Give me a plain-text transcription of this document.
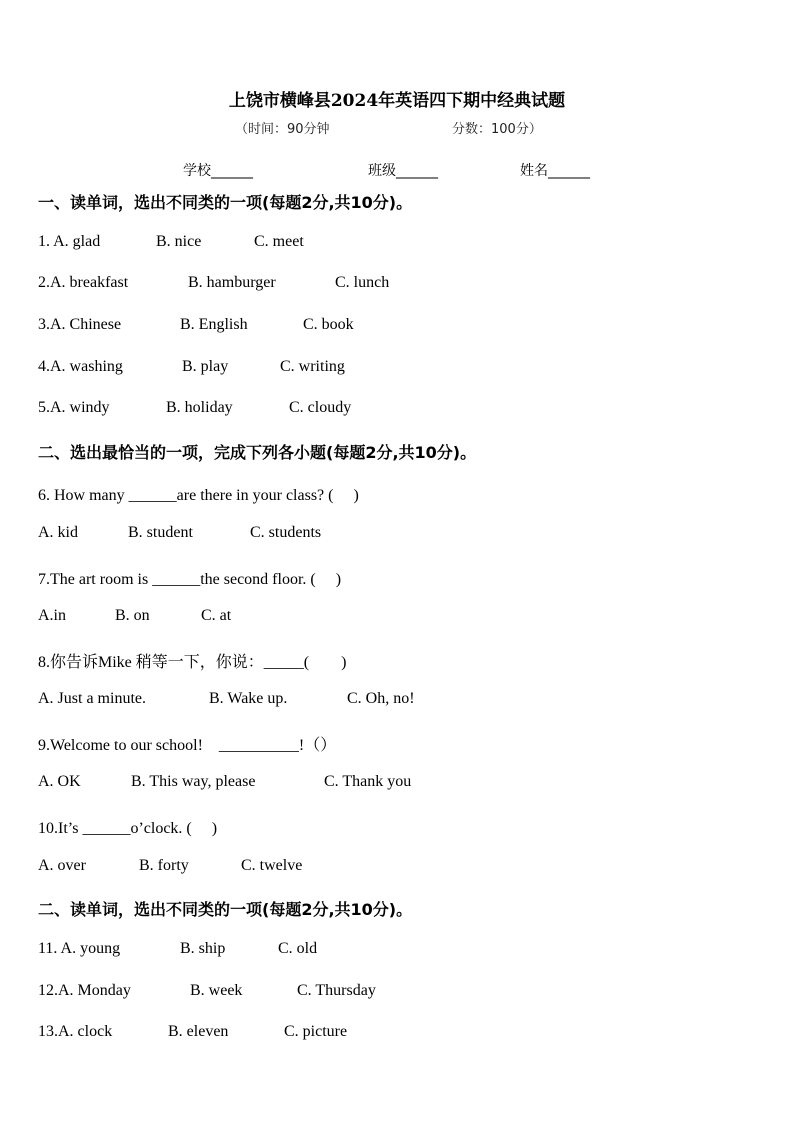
上饶市横峰县2024年英语四下期中经典试题
（时间：90分钟	分数：100分）
学校______	班级______	姓名______
一、读单词，选出不同类的一项(每题2分,共10分)。
1. A. glad	B. nice	C. meet
2.A. breakfast	B. hamburger	C. lunch
3.A. Chinese	B. English	C. book
4.A. washing	B. play	C. writing
5.A. windy	B. holiday	C. cloudy
二、选出最恰当的一项，完成下列各小题(每题2分,共10分)。
6. How many ______are there in your class? (　 )
A. kid	B. student	C. students
7.The art room is ______the second floor. (　 )
A.in	B. on	C. at
8.你告诉Mike 稍等一下，你说：_____(　　)
A. Just a minute.	B. Wake up.	C. Oh, no!
9.Welcome to our school!　__________!（）
A. OK	B. This way, please	C. Thank you
10.It’s ______o’clock. (　 )
A. over	B. forty	C. twelve
二、读单词，选出不同类的一项(每题2分,共10分)。
11. A. young	B. ship	C. old
12.A. Monday	B. week	C. Thursday
13.A. clock	B. eleven	C. picture
